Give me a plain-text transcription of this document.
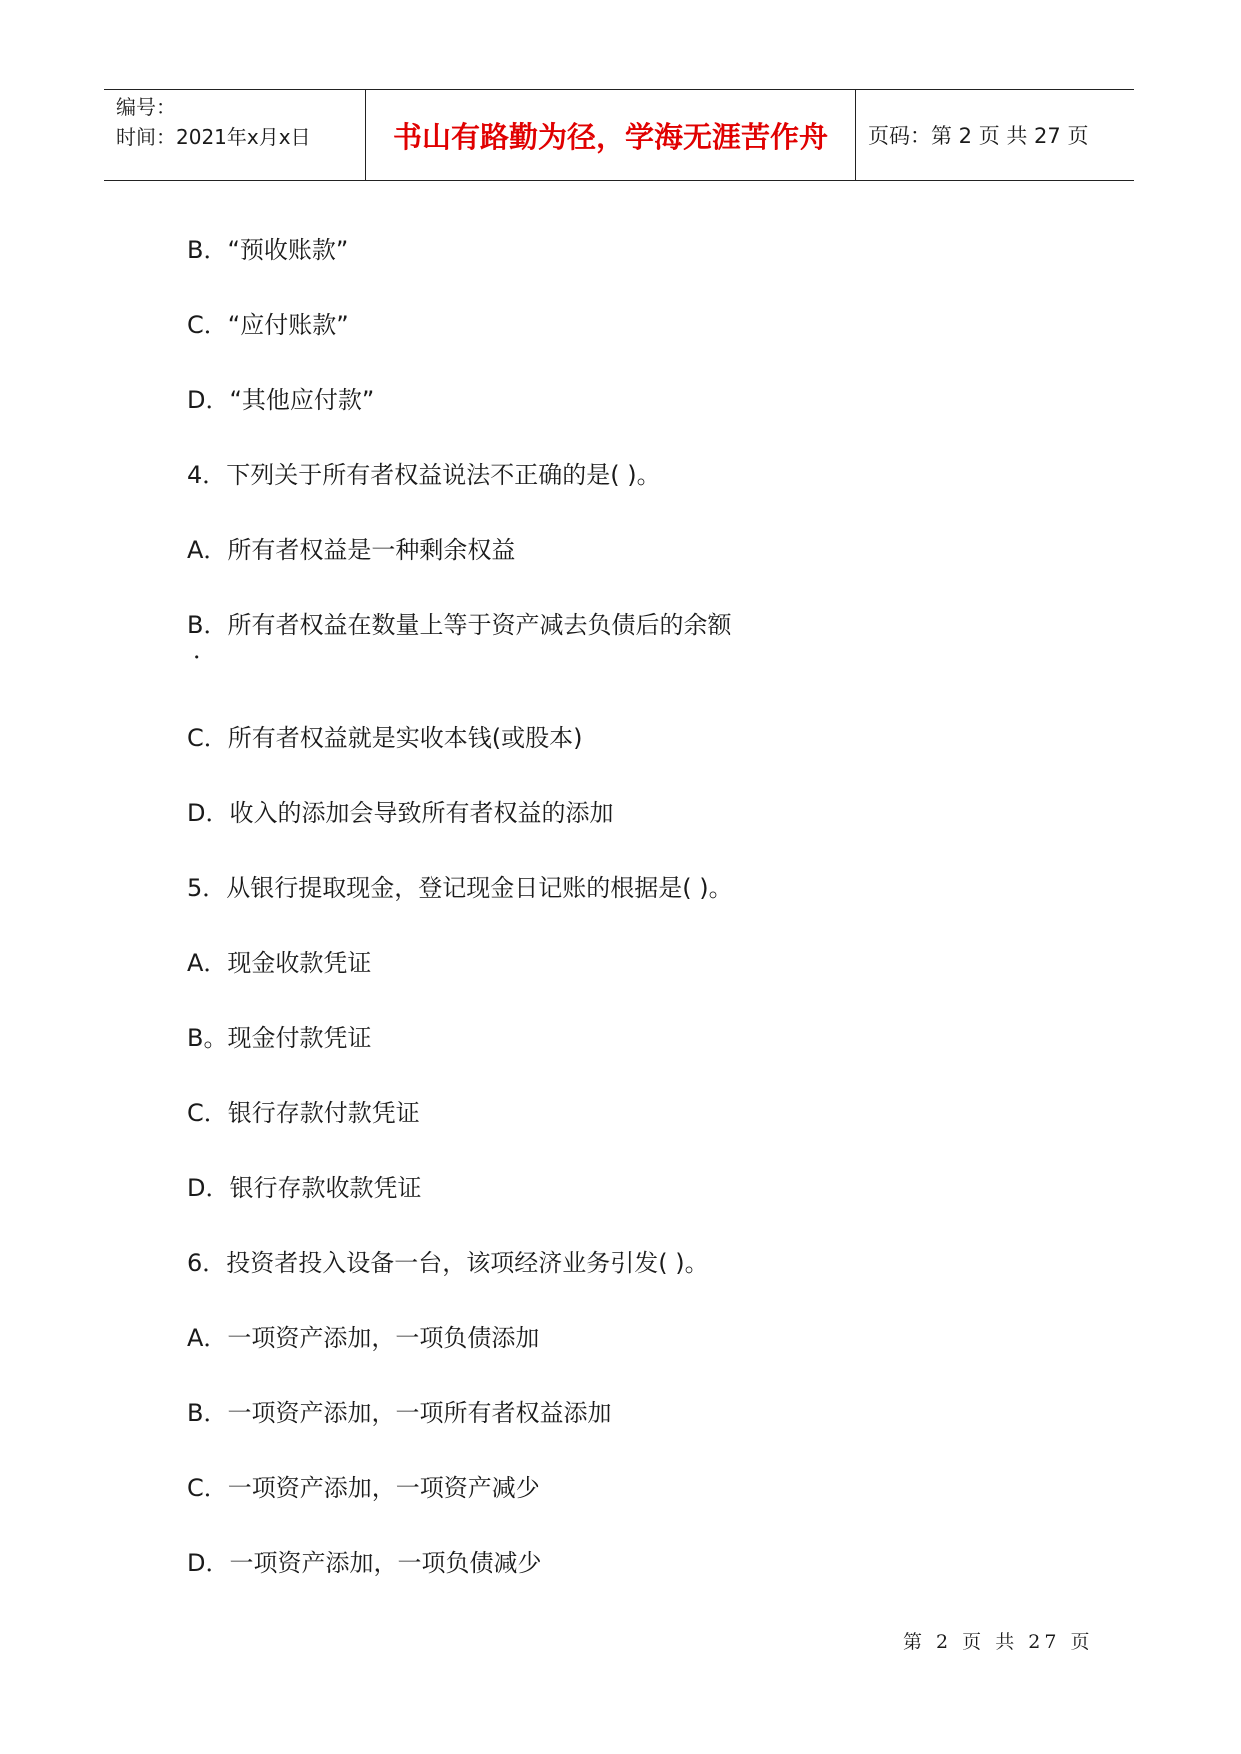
编号：
时间：2021年x月x日	书山有路勤为径，学海无涯苦作舟	页码：第 2 页 共 27 页
B．“预收账款”
C．“应付账款”
D．“其他应付款”
4．下列关于所有者权益说法不正确的是( )。
A．所有者权益是一种剩余权益
B．所有者权益在数量上等于资产减去负债后的余额
．
C．所有者权益就是实收本钱(或股本)
D．收入的添加会导致所有者权益的添加
5．从银行提取现金，登记现金日记账的根据是( )。
A．现金收款凭证
B。现金付款凭证
C．银行存款付款凭证
D．银行存款收款凭证
6．投资者投入设备一台，该项经济业务引发( )。
A．一项资产添加，一项负债添加
B．一项资产添加，一项所有者权益添加
C．一项资产添加，一项资产减少
D．一项资产添加，一项负债减少
第 2 页 共 27 页
